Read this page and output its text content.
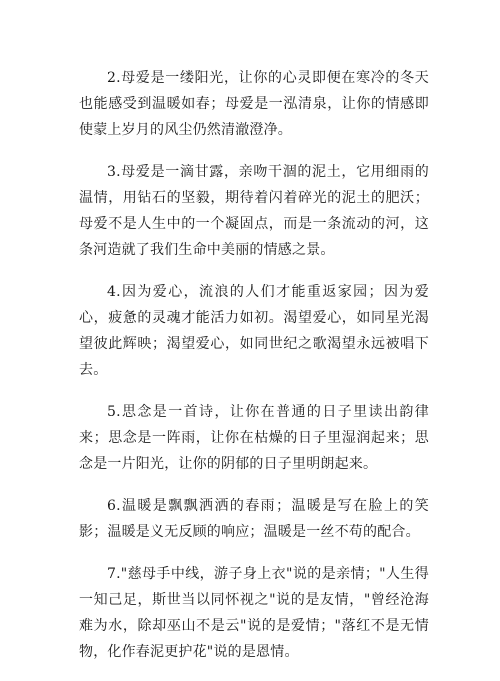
2.母爱是一缕阳光，让你的心灵即便在寒冷的冬天也能感受到温暖如春；母爱是一泓清泉，让你的情感即使蒙上岁月的风尘仍然清澈澄净。

3.母爱是一滴甘露，亲吻干涸的泥土，它用细雨的温情，用钻石的坚毅，期待着闪着碎光的泥土的肥沃；母爱不是人生中的一个凝固点，而是一条流动的河，这条河造就了我们生命中美丽的情感之景。

4.因为爱心，流浪的人们才能重返家园；因为爱心，疲惫的灵魂才能活力如初。渴望爱心，如同星光渴望彼此辉映；渴望爱心，如同世纪之歌渴望永远被唱下去。

5.思念是一首诗，让你在普通的日子里读出韵律来；思念是一阵雨，让你在枯燥的日子里湿润起来；思念是一片阳光，让你的阴郁的日子里明朗起来。

6.温暖是飘飘洒洒的春雨；温暖是写在脸上的笑影；温暖是义无反顾的响应；温暖是一丝不苟的配合。

7."慈母手中线，游子身上衣"说的是亲情；"人生得一知己足，斯世当以同怀视之"说的是友情，"曾经沧海难为水，除却巫山不是云"说的是爱情；"落红不是无情物，化作春泥更护花"说的是恩情。
